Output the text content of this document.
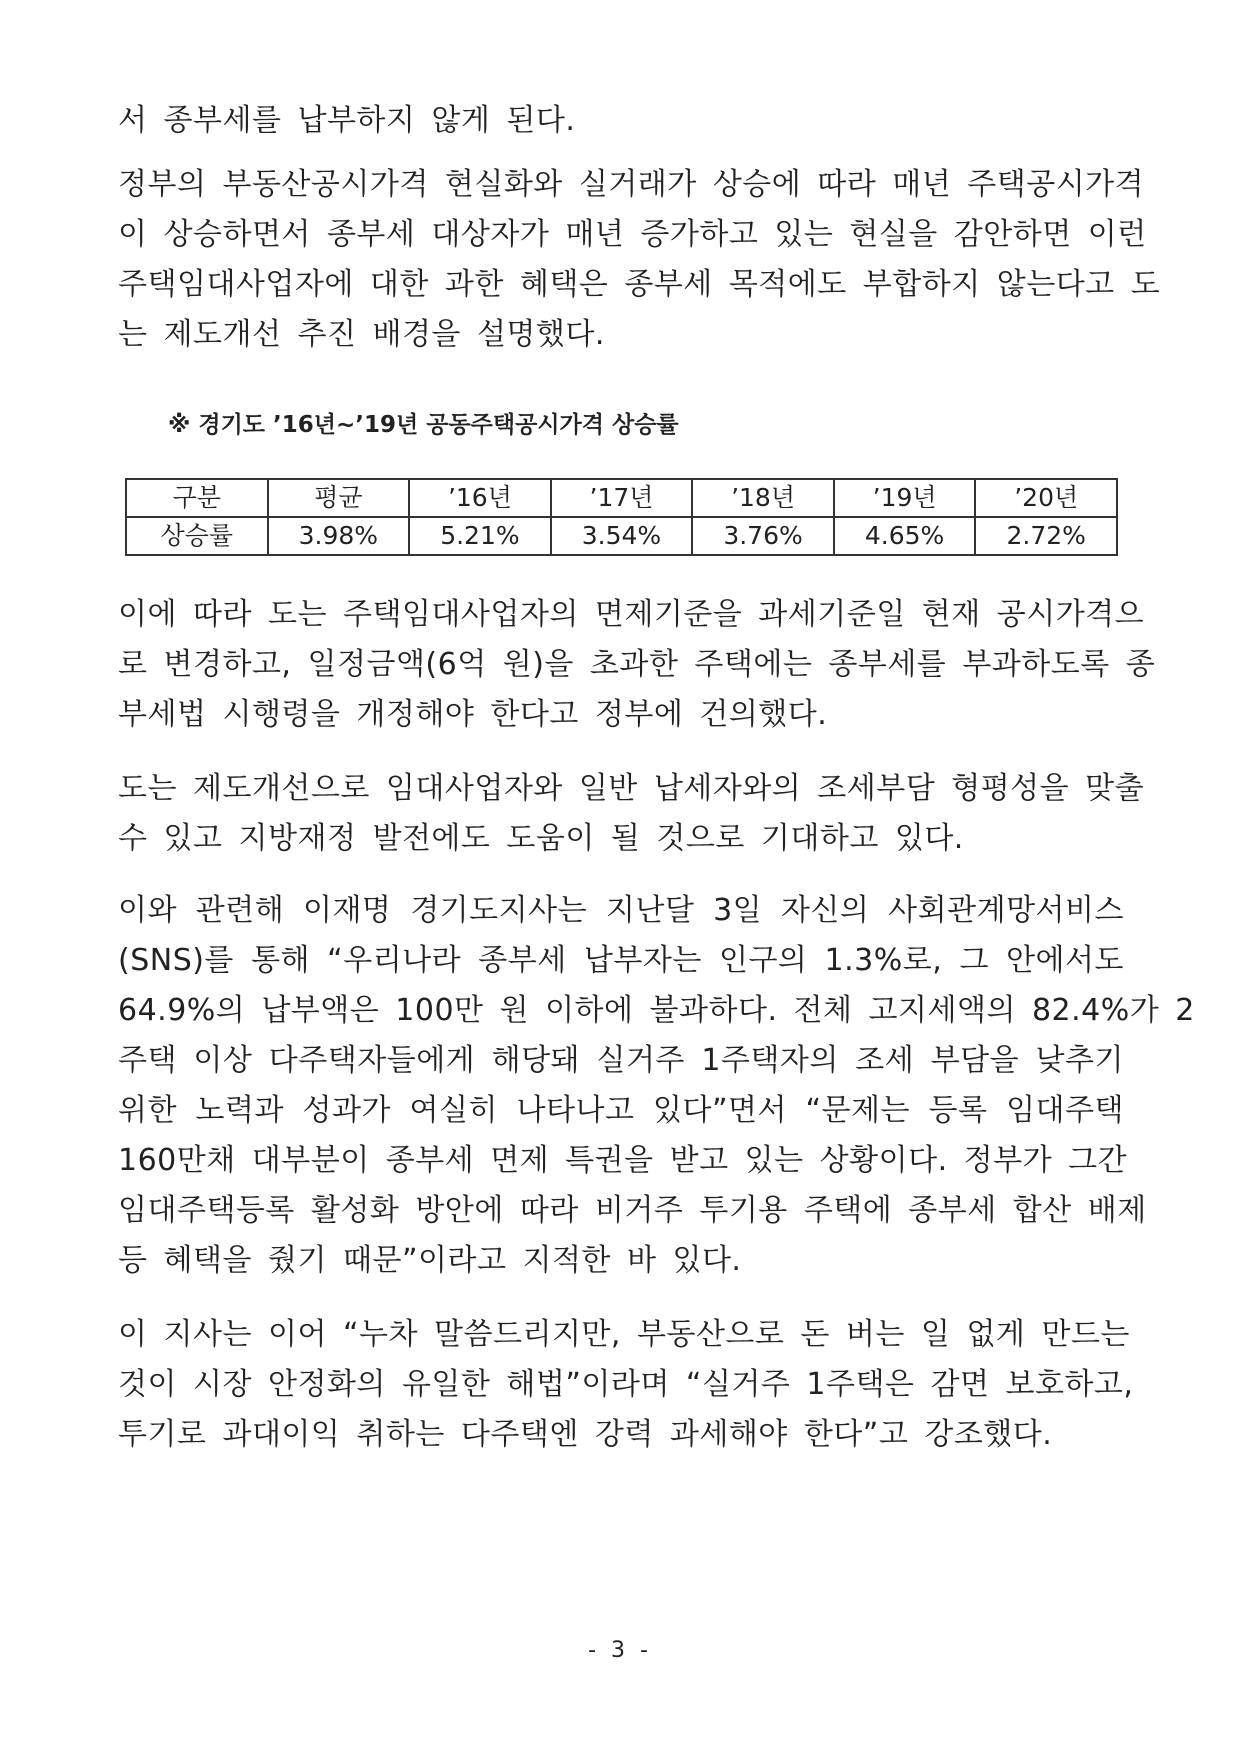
서 종부세를 납부하지 않게 된다.

정부의 부동산공시가격 현실화와 실거래가 상승에 따라 매년 주택공시가격
이 상승하면서 종부세 대상자가 매년 증가하고 있는 현실을 감안하면 이런
주택임대사업자에 대한 과한 혜택은 종부세 목적에도 부합하지 않는다고 도
는 제도개선 추진 배경을 설명했다.

※ 경기도 ’16년~’19년 공동주택공시가격 상승률
구분	평균	’16년	’17년	’18년	’19년	’20년
상승률	3.98%	5.21%	3.54%	3.76%	4.65%	2.72%

이에 따라 도는 주택임대사업자의 면제기준을 과세기준일 현재 공시가격으
로 변경하고, 일정금액(6억 원)을 초과한 주택에는 종부세를 부과하도록 종
부세법 시행령을 개정해야 한다고 정부에 건의했다.

도는 제도개선으로 임대사업자와 일반 납세자와의 조세부담 형평성을 맞출
수 있고 지방재정 발전에도 도움이 될 것으로 기대하고 있다.

이와 관련해 이재명 경기도지사는 지난달 3일 자신의 사회관계망서비스
(SNS)를 통해 “우리나라 종부세 납부자는 인구의 1.3%로, 그 안에서도
64.9%의 납부액은 100만 원 이하에 불과하다. 전체 고지세액의 82.4%가 2
주택 이상 다주택자들에게 해당돼 실거주 1주택자의 조세 부담을 낮추기
위한 노력과 성과가 여실히 나타나고 있다”면서 “문제는 등록 임대주택
160만채 대부분이 종부세 면제 특권을 받고 있는 상황이다. 정부가 그간
임대주택등록 활성화 방안에 따라 비거주 투기용 주택에 종부세 합산 배제
등 혜택을 줬기 때문”이라고 지적한 바 있다.

이 지사는 이어 “누차 말씀드리지만, 부동산으로 돈 버는 일 없게 만드는
것이 시장 안정화의 유일한 해법”이라며 “실거주 1주택은 감면 보호하고,
투기로 과대이익 취하는 다주택엔 강력 과세해야 한다”고 강조했다.

- 3 -
